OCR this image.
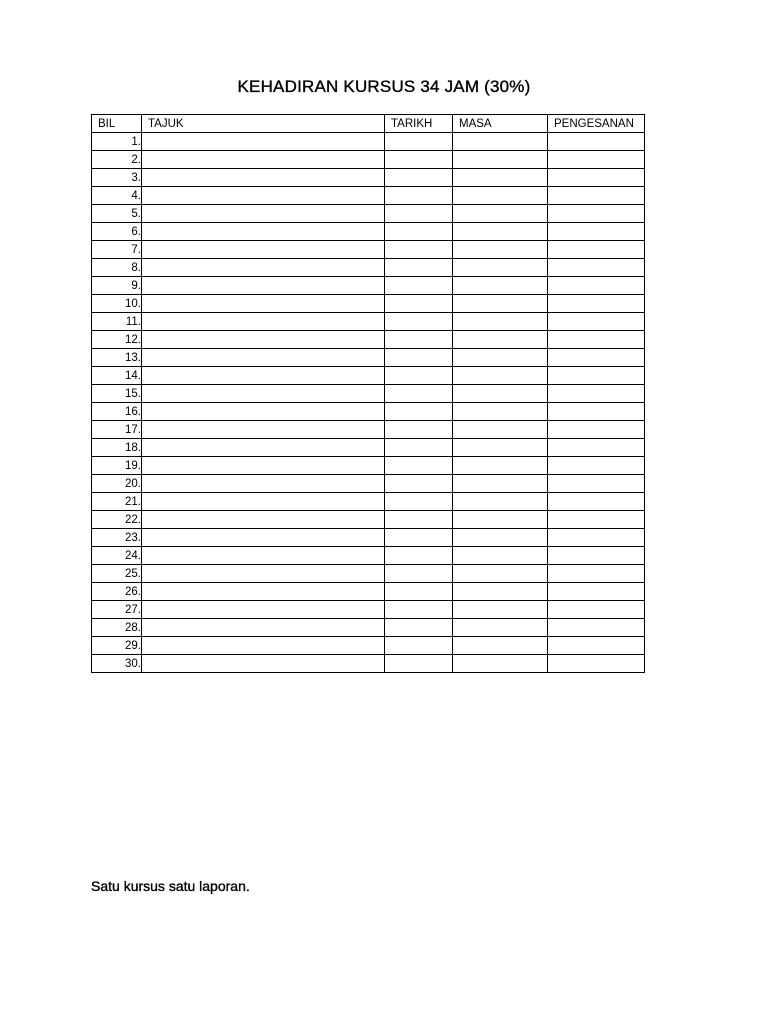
KEHADIRAN KURSUS 34 JAM (30%)
BIL	TAJUK	TARIKH	MASA	PENGESANAN
1.				
2.				
3.				
4.				
5.				
6.				
7.				
8.				
9.				
10.				
11.				
12.				
13.				
14.				
15.				
16.				
17.				
18.				
19.				
20.				
21.				
22.				
23.				
24.				
25.				
26.				
27.				
28.				
29.				
30.				
Satu kursus satu laporan.
